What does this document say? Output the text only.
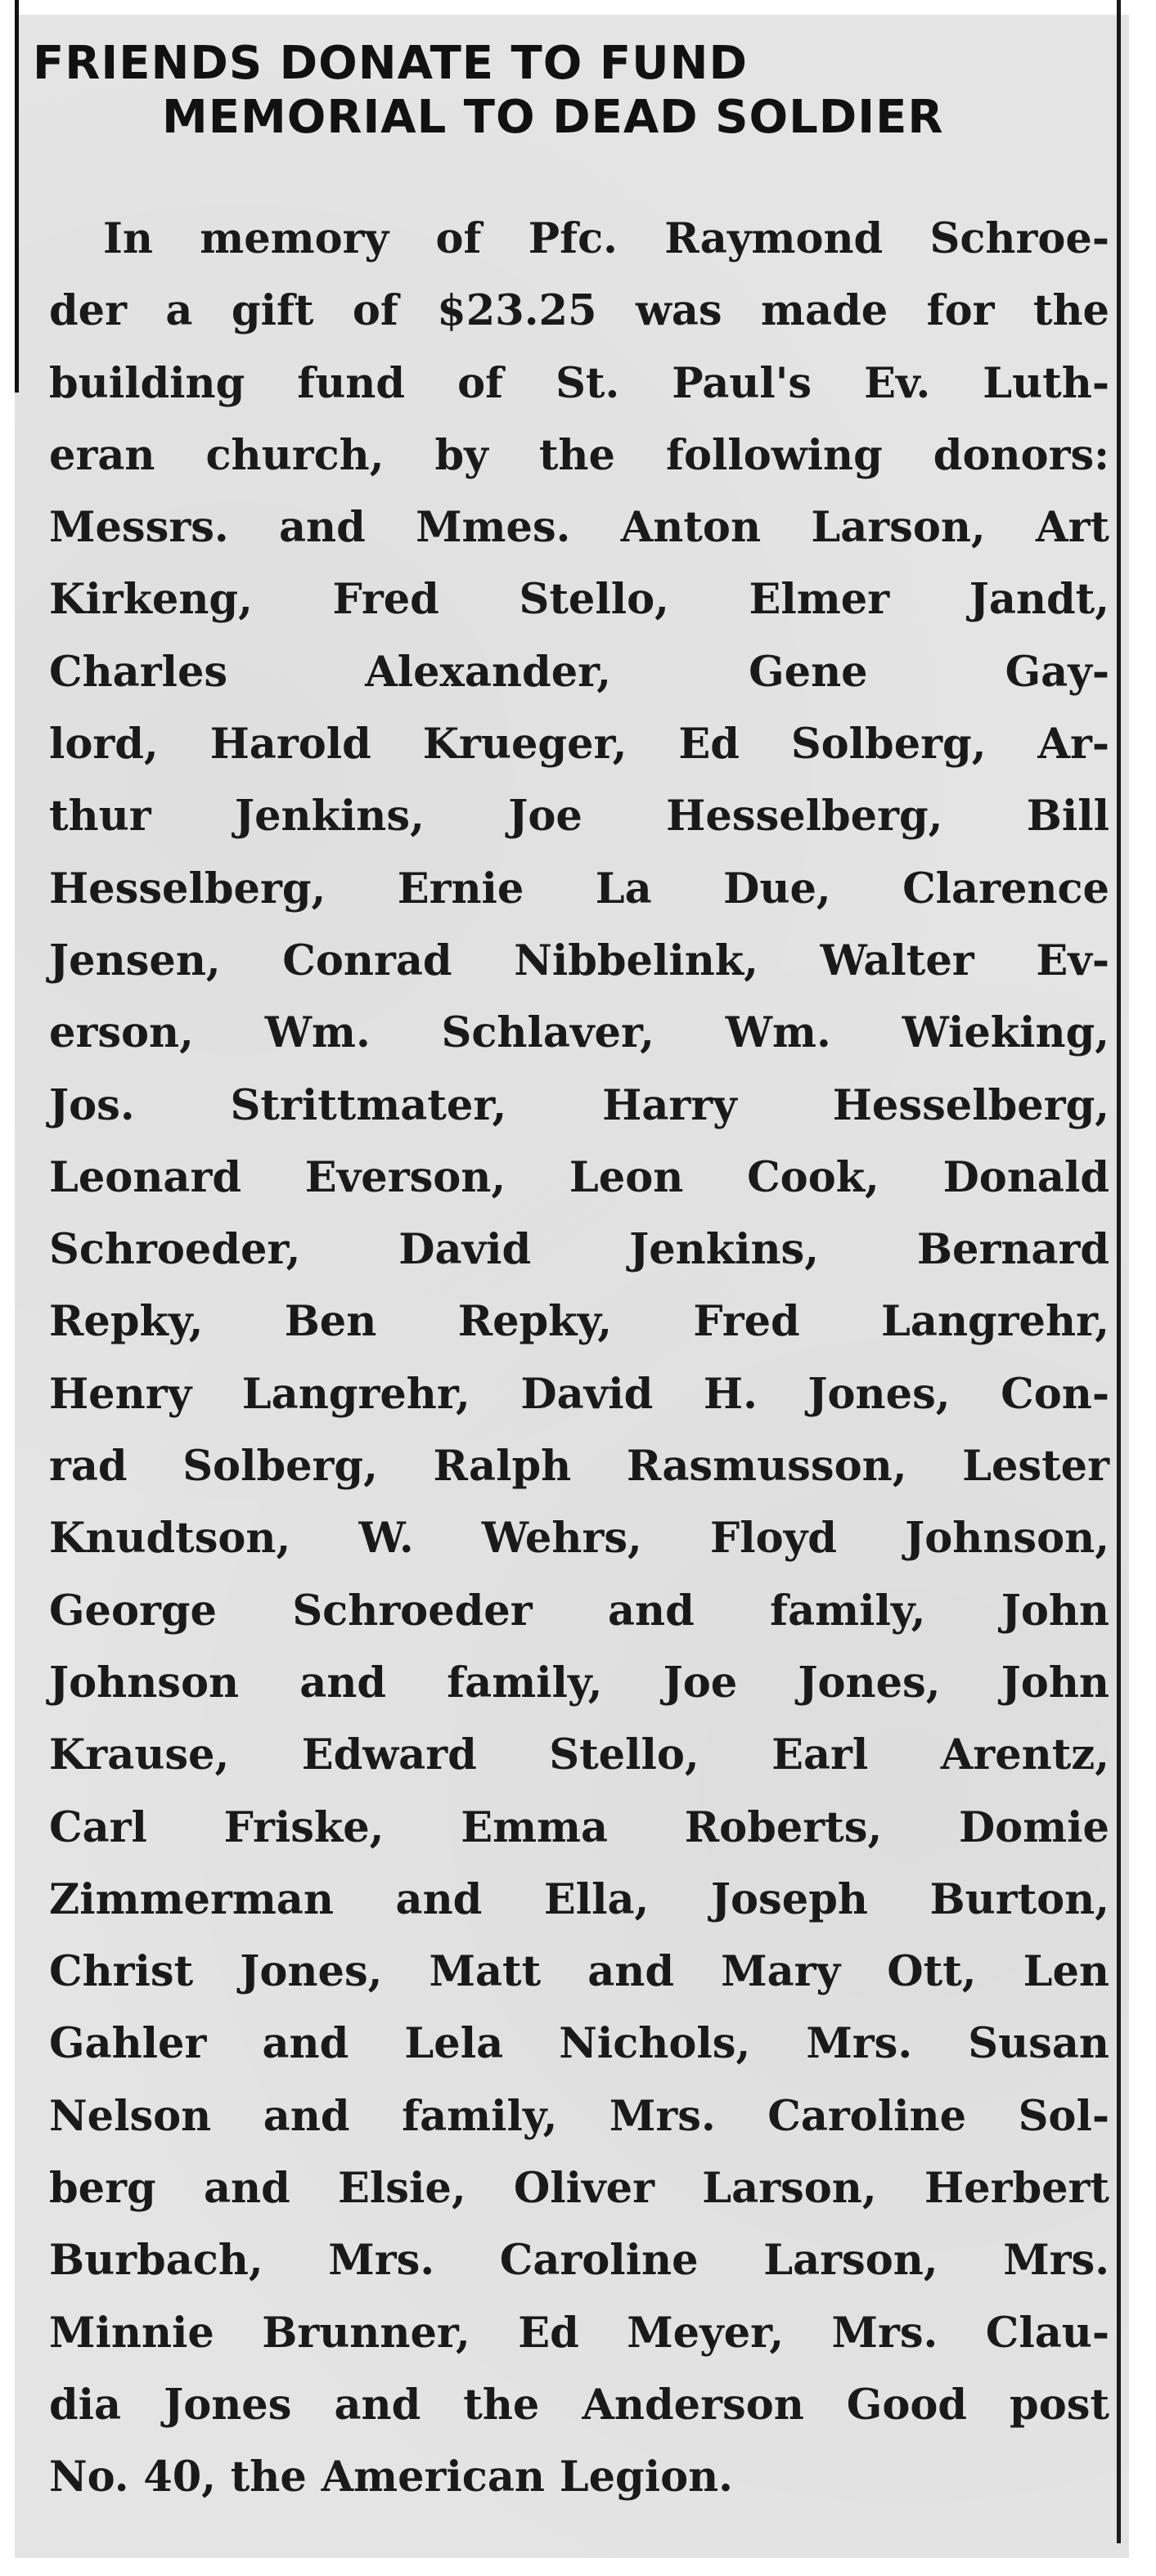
FRIENDS DONATE TO FUND
MEMORIAL TO DEAD SOLDIER
In memory of Pfc. Raymond Schroe-
der a gift of $23.25 was made for the
building fund of St. Paul's Ev. Luth-
eran church, by the following donors:
Messrs. and Mmes. Anton Larson, Art
Kirkeng, Fred Stello, Elmer Jandt,
Charles Alexander, Gene Gay-
lord, Harold Krueger, Ed Solberg, Ar-
thur Jenkins, Joe Hesselberg, Bill
Hesselberg, Ernie La Due, Clarence
Jensen, Conrad Nibbelink, Walter Ev-
erson, Wm. Schlaver, Wm. Wieking,
Jos. Strittmater, Harry Hesselberg,
Leonard Everson, Leon Cook, Donald
Schroeder, David Jenkins, Bernard
Repky, Ben Repky, Fred Langrehr,
Henry Langrehr, David H. Jones, Con-
rad Solberg, Ralph Rasmusson, Lester
Knudtson, W. Wehrs, Floyd Johnson,
George Schroeder and family, John
Johnson and family, Joe Jones, John
Krause, Edward Stello, Earl Arentz,
Carl Friske, Emma Roberts, Domie
Zimmerman and Ella, Joseph Burton,
Christ Jones, Matt and Mary Ott, Len
Gahler and Lela Nichols, Mrs. Susan
Nelson and family, Mrs. Caroline Sol-
berg and Elsie, Oliver Larson, Herbert
Burbach, Mrs. Caroline Larson, Mrs.
Minnie Brunner, Ed Meyer, Mrs. Clau-
dia Jones and the Anderson Good post
No. 40, the American Legion.
